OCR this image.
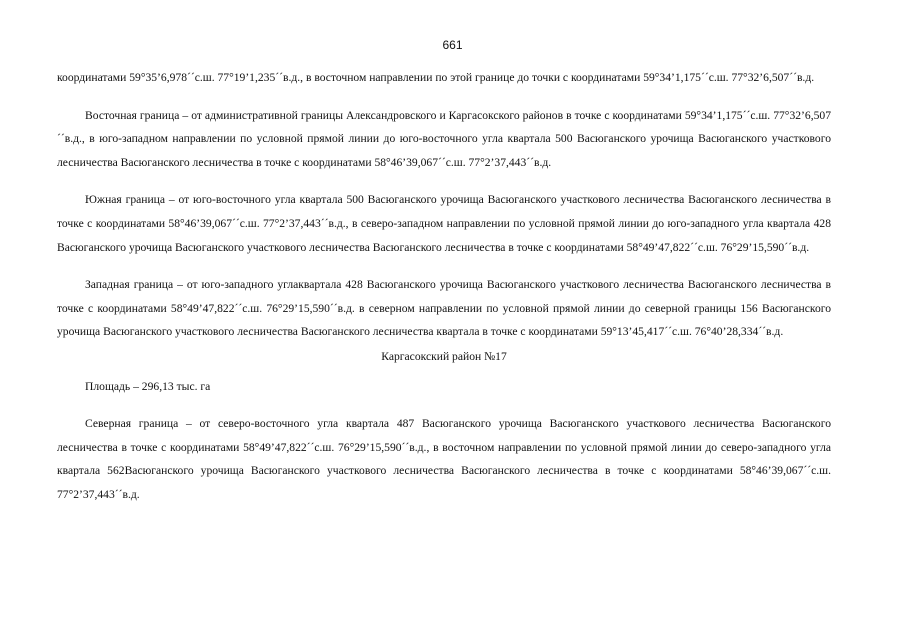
661

координатами 59°35’6,978´´с.ш. 77°19’1,235´´в.д., в восточном направлении по этой границе до точки с координатами 59°34’1,175´´с.ш. 77°32’6,507´´в.д.

Восточная граница – от административной границы Александровского и Каргасокского районов в точке с координатами 59°34’1,175´´с.ш. 77°32’6,507´´в.д., в юго-западном направлении по условной прямой линии до юго-восточного угла квартала 500 Васюганского урочища Васюганского участкового лесничества Васюганского лесничества в точке с координатами 58°46’39,067´´с.ш. 77°2’37,443´´в.д.

Южная граница – от юго-восточного угла квартала 500 Васюганского урочища Васюганского участкового лесничества Васюганского лесничества в точке с координатами 58°46’39,067´´с.ш. 77°2’37,443´´в.д., в северо-западном направлении по условной прямой линии до юго-западного угла квартала 428 Васюганского урочища Васюганского участкового лесничества Васюганского лесничества в точке с координатами 58°49’47,822´´с.ш. 76°29’15,590´´в.д.

Западная граница – от юго-западного углаквартала 428 Васюганского урочища Васюганского участкового лесничества Васюганского лесничества в точке с координатами 58°49’47,822´´с.ш. 76°29’15,590´´в.д. в северном направлении по условной прямой линии до северной границы 156 Васюганского урочища Васюганского участкового лесничества Васюганского лесничества квартала в точке с координатами 59°13’45,417´´с.ш. 76°40’28,334´´в.д.

Каргасокский район №17

Площадь – 296,13 тыс. га

Северная граница – от северо-восточного угла квартала 487 Васюганского урочища Васюганского участкового лесничества Васюганского лесничества в точке с координатами 58°49’47,822´´с.ш. 76°29’15,590´´в.д., в восточном направлении по условной прямой линии до северо-западного угла квартала 562Васюганского урочища Васюганского участкового лесничества Васюганского лесничества в точке с координатами 58°46’39,067´´с.ш. 77°2’37,443´´в.д.
